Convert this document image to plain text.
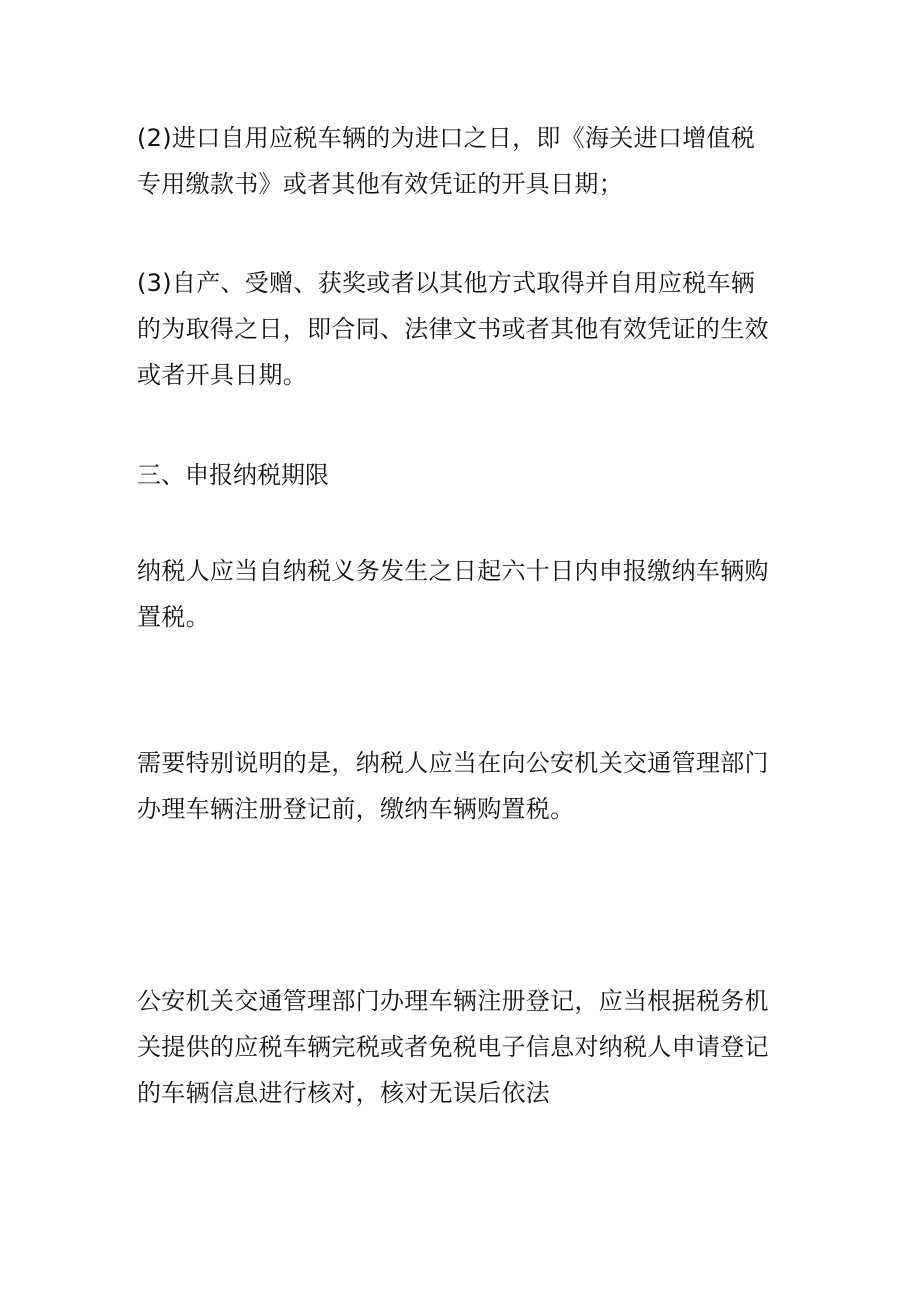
(2)进口自用应税车辆的为进口之日，即《海关进口增值税
专用缴款书》或者其他有效凭证的开具日期；

(3)自产、受赠、获奖或者以其他方式取得并自用应税车辆
的为取得之日，即合同、法律文书或者其他有效凭证的生效
或者开具日期。

三、申报纳税期限

纳税人应当自纳税义务发生之日起六十日内申报缴纳车辆购
置税。

需要特别说明的是，纳税人应当在向公安机关交通管理部门
办理车辆注册登记前，缴纳车辆购置税。

公安机关交通管理部门办理车辆注册登记，应当根据税务机
关提供的应税车辆完税或者免税电子信息对纳税人申请登记
的车辆信息进行核对，核对无误后依法
